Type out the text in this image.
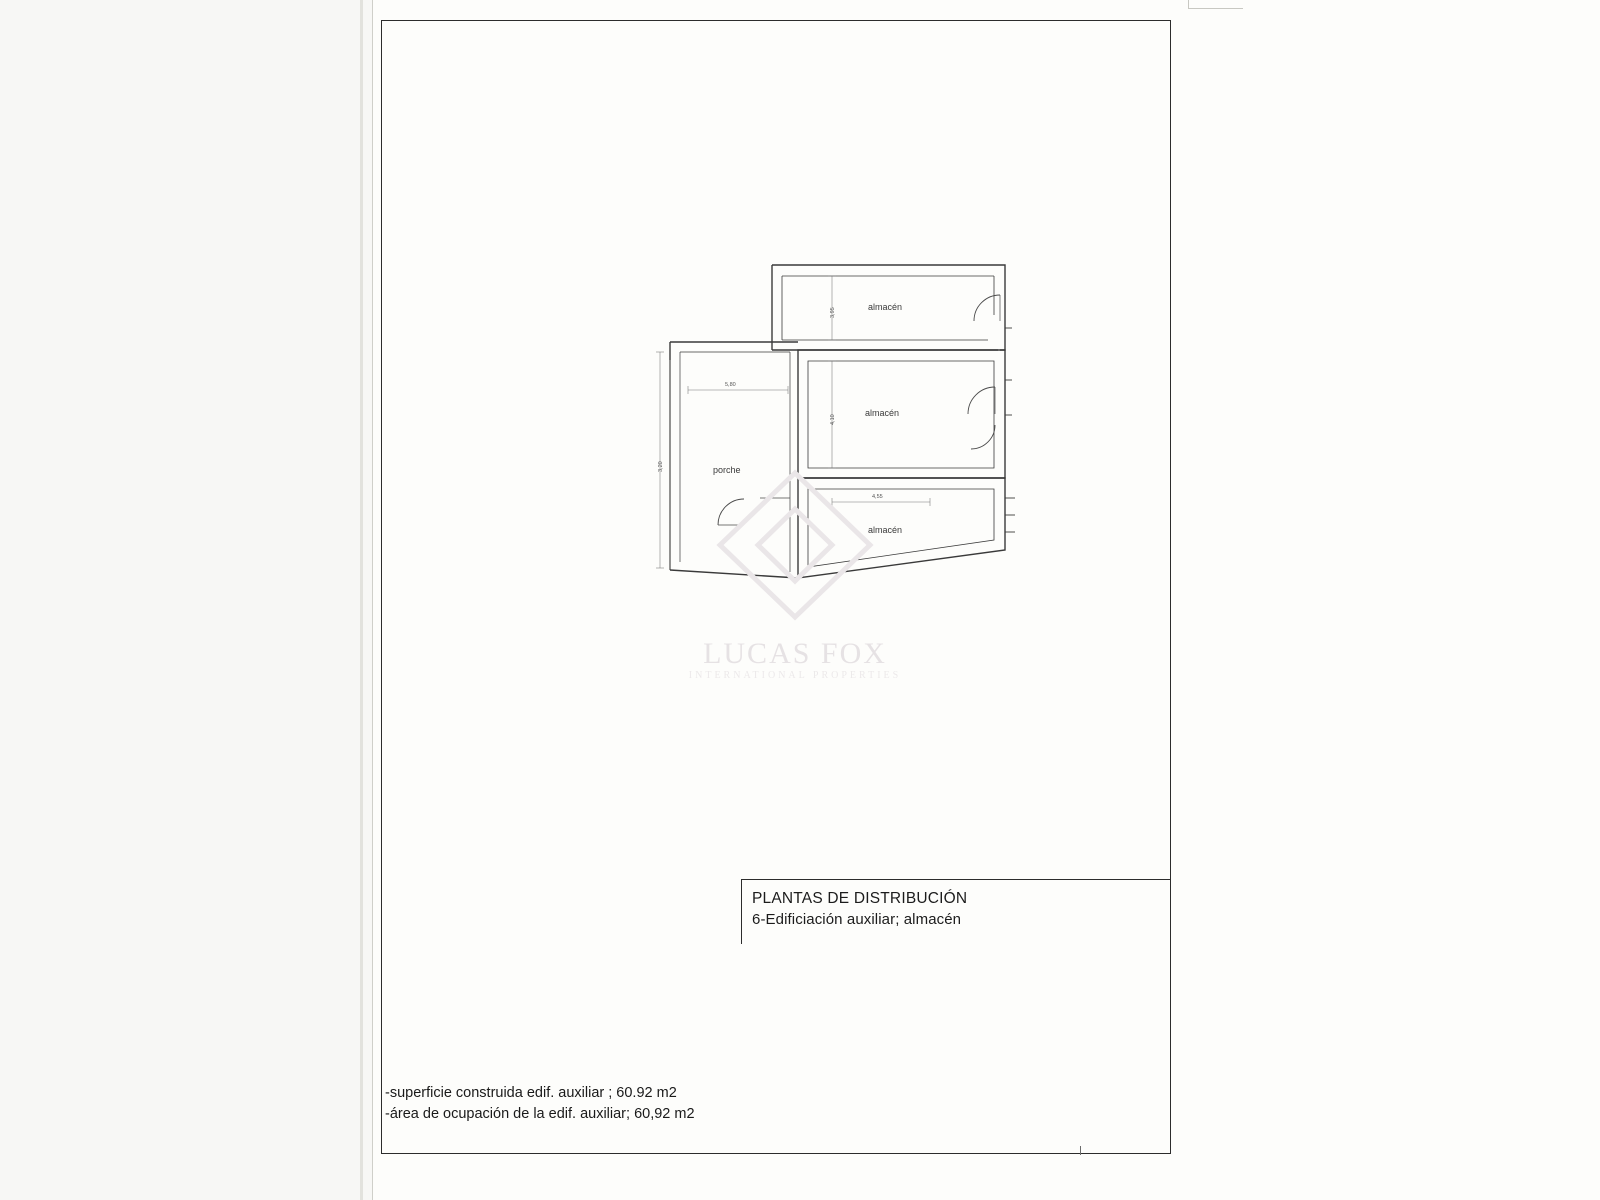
almacén
almacén
almacén
porche
3,95
4,10
5,80
3,20
4,55
LUCAS FOX
INTERNATIONAL PROPERTIES
PLANTAS DE DISTRIBUCIÓN
6-Edificiación auxiliar; almacén
-superficie construida edif. auxiliar ; 60.92 m2
-área de ocupación de la edif. auxiliar; 60,92 m2
